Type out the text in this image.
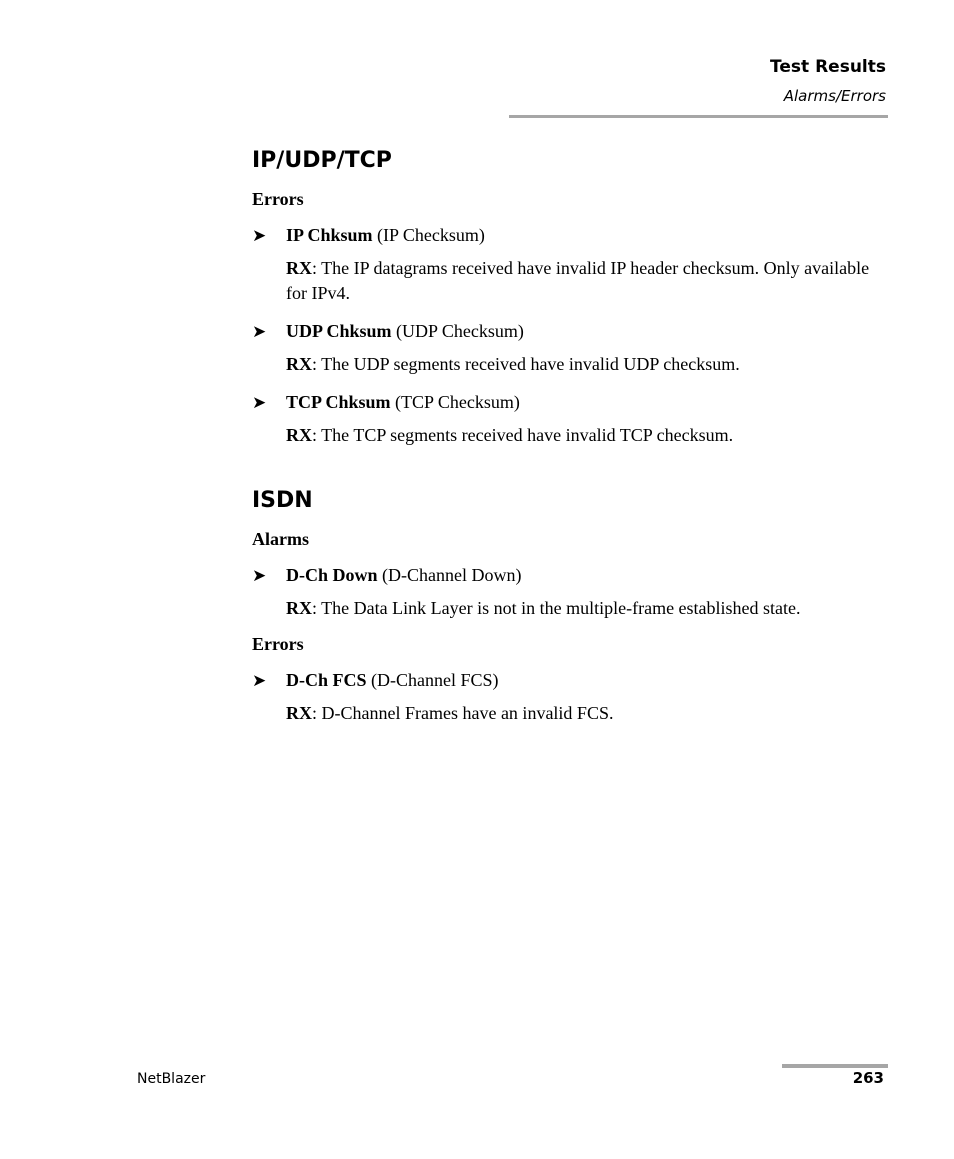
Test Results
Alarms/Errors
IP/UDP/TCP
Errors
➤ IP Chksum (IP Checksum)
RX: The IP datagrams received have invalid IP header checksum. Only available for IPv4.
➤ UDP Chksum (UDP Checksum)
RX: The UDP segments received have invalid UDP checksum.
➤ TCP Chksum (TCP Checksum)
RX: The TCP segments received have invalid TCP checksum.
ISDN
Alarms
➤ D-Ch Down (D-Channel Down)
RX: The Data Link Layer is not in the multiple-frame established state.
Errors
➤ D-Ch FCS (D-Channel FCS)
RX: D-Channel Frames have an invalid FCS.
NetBlazer	263
